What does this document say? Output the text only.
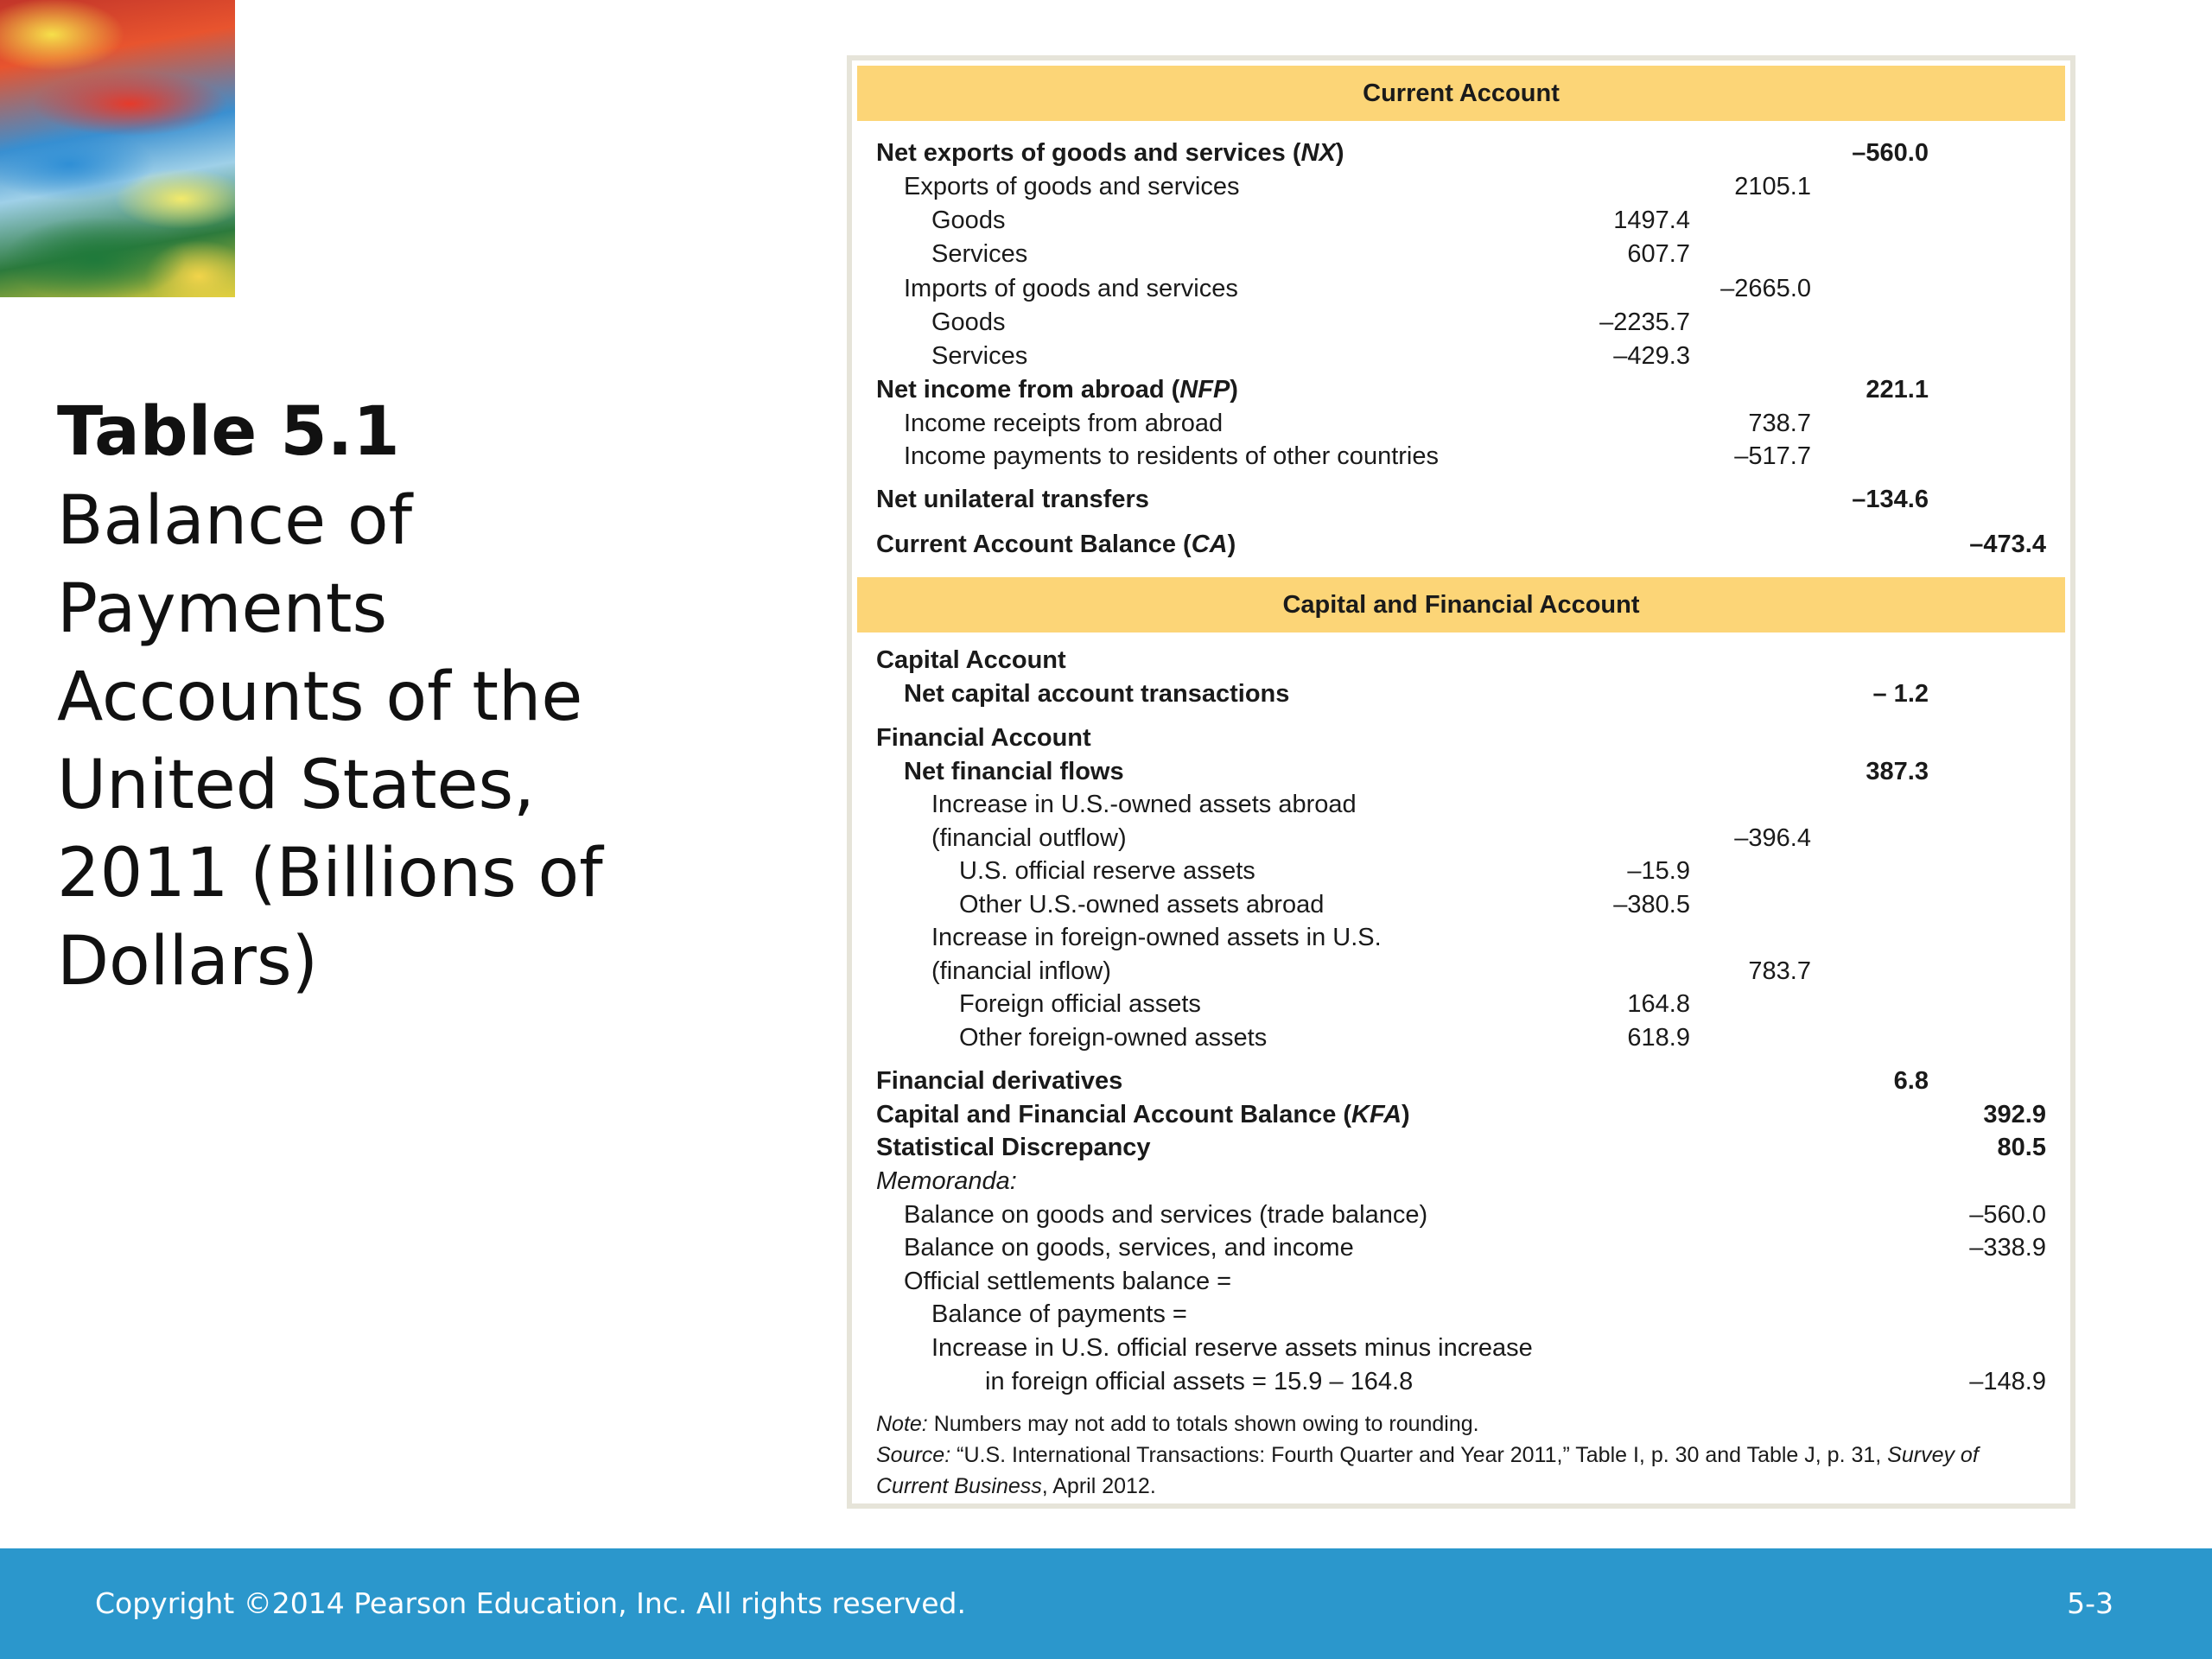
Table 5.1
Balance of
Payments
Accounts of the
United States,
2011 (Billions of
Dollars)
Current Account
Net exports of goods and services (NX)	–560.0
Exports of goods and services	2105.1
Goods	1497.4
Services	607.7
Imports of goods and services	–2665.0
Goods	–2235.7
Services	–429.3
Net income from abroad (NFP)	221.1
Income receipts from abroad	738.7
Income payments to residents of other countries	–517.7
Net unilateral transfers	–134.6
Current Account Balance (CA)	–473.4
Capital and Financial Account
Capital Account
Net capital account transactions	– 1.2
Financial Account
Net financial flows	387.3
Increase in U.S.-owned assets abroad
(financial outflow)	–396.4
U.S. official reserve assets	–15.9
Other U.S.-owned assets abroad	–380.5
Increase in foreign-owned assets in U.S.
(financial inflow)	783.7
Foreign official assets	164.8
Other foreign-owned assets	618.9
Financial derivatives	6.8
Capital and Financial Account Balance (KFA)	392.9
Statistical Discrepancy	80.5
Memoranda:
Balance on goods and services (trade balance)	–560.0
Balance on goods, services, and income	–338.9
Official settlements balance =
Balance of payments =
Increase in U.S. official reserve assets minus increase
in foreign official assets = 15.9 – 164.8	–148.9
Note: Numbers may not add to totals shown owing to rounding.
Source: “U.S. International Transactions: Fourth Quarter and Year 2011,” Table I, p. 30 and Table J, p. 31, Survey of Current Business, April 2012.
Copyright ©2014 Pearson Education, Inc. All rights reserved.	5-3
